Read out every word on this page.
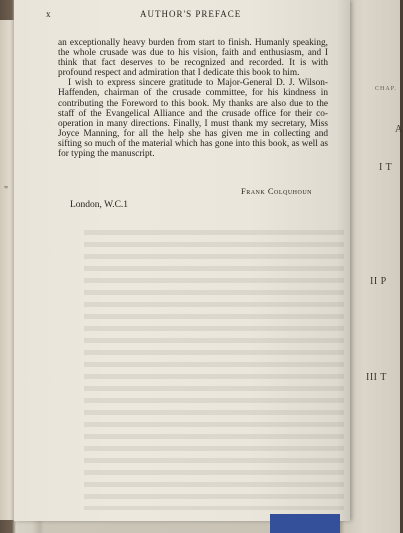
"
CHAP.
A
I T
II P
III T
x	AUTHOR'S PREFACE

an exceptionally heavy burden from start to finish. Humanly speaking, the whole crusade was due to his vision, faith and enthusiasm, and I think that fact deserves to be recognized and recorded. It is with profound respect and admiration that I dedicate this book to him.

I wish to express sincere gratitude to Major-General D. J. Wilson-Haffenden, chairman of the crusade committee, for his kindness in contributing the Foreword to this book. My thanks are also due to the staff of the Evangelical Alliance and the crusade office for their co-operation in many directions. Finally, I must thank my secretary, Miss Joyce Manning, for all the help she has given me in collecting and sifting so much of the material which has gone into this book, as well as for typing the manuscript.

Frank Colquhoun
London, W.C.1
